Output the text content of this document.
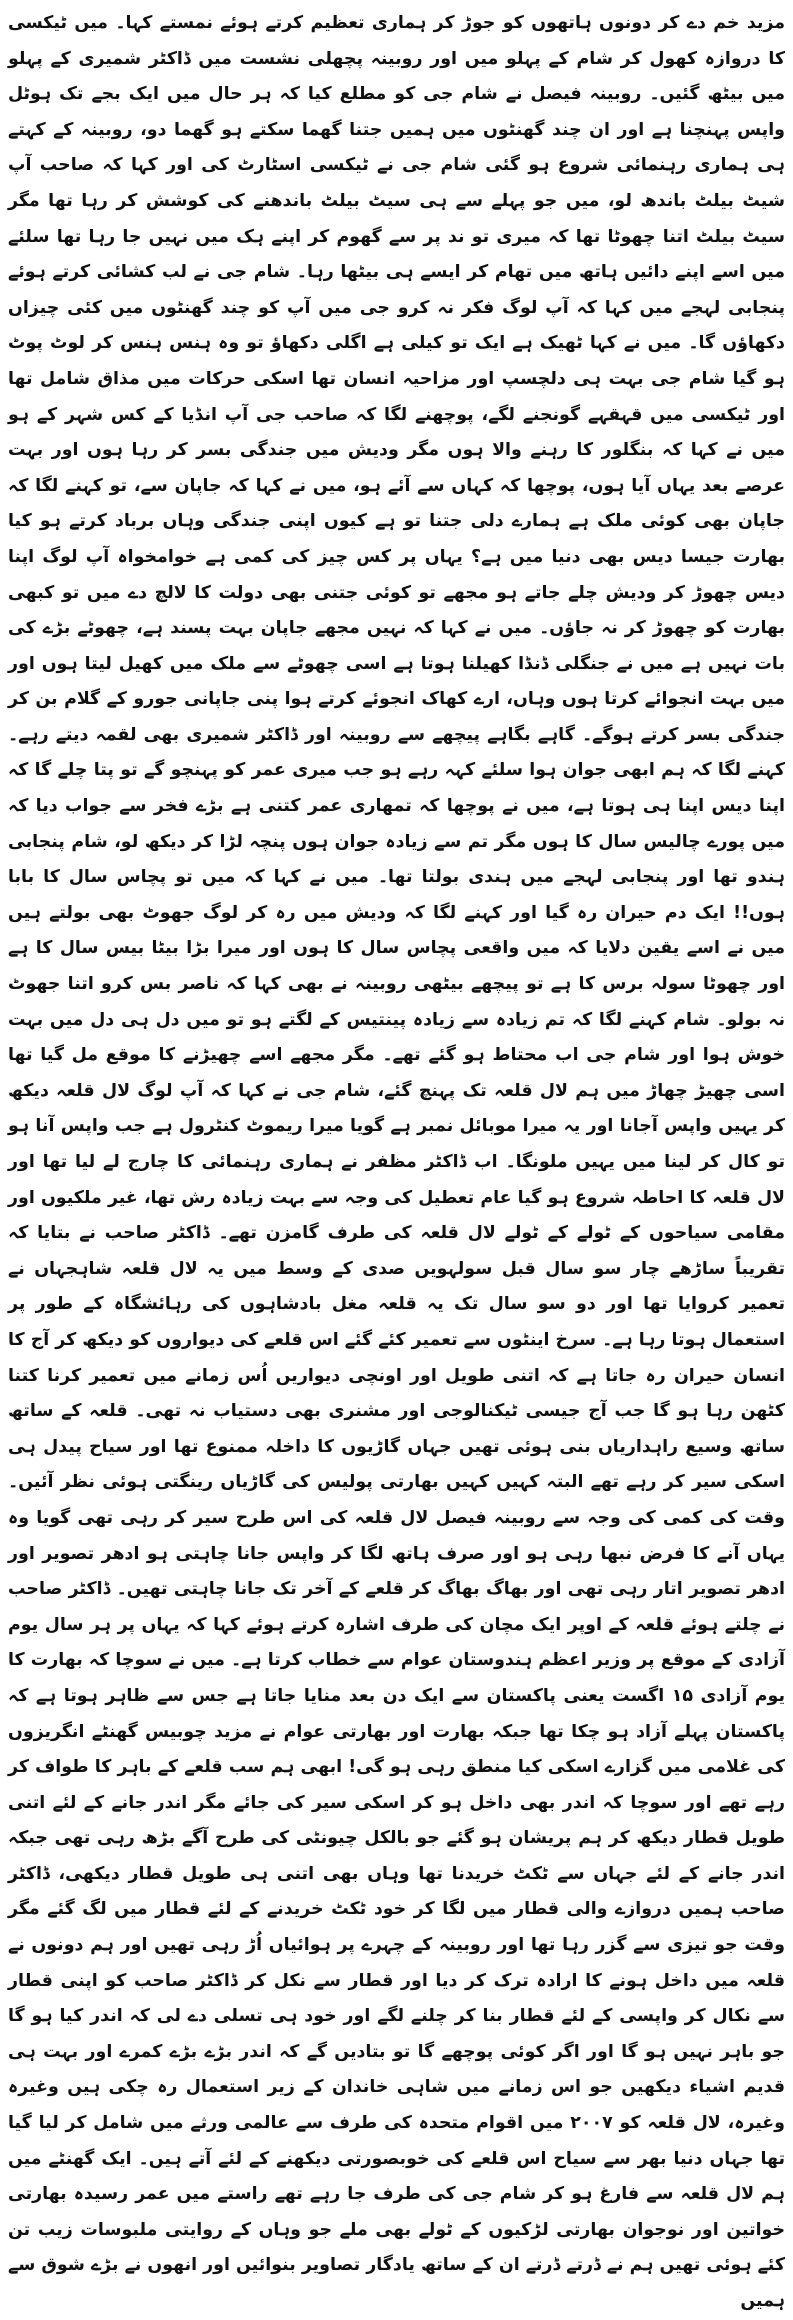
مزید خم دے کر دونوں ہاتھوں کو جوڑ کر ہماری تعظیم کرتے ہوئے نمستے کہا۔ میں ٹیکسی کا دروازہ کھول کر شام کے پہلو میں اور روبینہ پچھلی نشست میں ڈاکٹر شمیری کے پہلو میں بیٹھ گئیں۔ روبینہ فیصل نے شام جی کو مطلع کیا کہ ہر حال میں ایک بجے تک ہوٹل واپس پہنچنا ہے اور ان چند گھنٹوں میں ہمیں جتنا گھما سکتے ہو گھما دو، روبینہ کے کہتے ہی ہماری رہنمائی شروع ہو گئی شام جی نے ٹیکسی اسٹارٹ کی اور کہا کہ صاحب آپ شیٹ بیلٹ باندھ لو، میں جو پہلے سے ہی سیٹ بیلٹ باندھنے کی کوشش کر رہا تھا مگر سیٹ بیلٹ اتنا چھوٹا تھا کہ میری تو ند پر سے گھوم کر اپنے ہک میں نہیں جا رہا تھا سلئے میں اسے اپنے دائیں ہاتھ میں تھام کر ایسے ہی بیٹھا رہا۔ شام جی نے لب کشائی کرتے ہوئے پنجابی لہجے میں کہا کہ آپ لوگ فکر نہ کرو جی میں آپ کو چند گھنٹوں میں کئی چیزاں دکھاؤں گا۔ میں نے کہا ٹھیک ہے ایک تو کیلی ہے اگلی دکھاؤ تو وہ ہنس ہنس کر لوٹ پوٹ ہو گیا شام جی بہت ہی دلچسپ اور مزاحیہ انسان تھا اسکی حرکات میں مذاق شامل تھا اور ٹیکسی میں قہقہے گونجنے لگے، پوچھنے لگا کہ صاحب جی آپ انڈیا کے کس شہر کے ہو میں نے کہا کہ بنگلور کا رہنے والا ہوں مگر ودیش میں جندگی بسر کر رہا ہوں اور بہت عرصے بعد یہاں آیا ہوں، پوچھا کہ کہاں سے آئے ہو، میں نے کہا کہ جاپان سے، تو کہنے لگا کہ جاپان بھی کوئی ملک ہے ہمارے دلی جتنا تو ہے کیوں اپنی جندگی وہاں برباد کرتے ہو کیا بھارت جیسا دیس بھی دنیا میں ہے؟ یہاں پر کس چیز کی کمی ہے خوامخواہ آپ لوگ اپنا دیس چھوڑ کر ودیش چلے جاتے ہو مجھے تو کوئی جتنی بھی دولت کا لالچ دے میں تو کبھی بھارت کو چھوڑ کر نہ جاؤں۔ میں نے کہا کہ نہیں مجھے جاپان بہت پسند ہے، چھوٹے بڑے کی بات نہیں ہے میں نے جنگلی ڈنڈا کھیلنا ہوتا ہے اسی چھوٹے سے ملک میں کھیل لیتا ہوں اور میں بہت انجوائے کرتا ہوں وہاں، ارے کھاک انجوئے کرتے ہوا پنی جاپانی جورو کے گلام بن کر جندگی بسر کرتے ہوگے۔ گاہے بگاہے پیچھے سے روبینہ اور ڈاکٹر شمیری بھی لقمہ دیتے رہے۔ کہنے لگا کہ ہم ابھی جوان ہوا سلئے کہہ رہے ہو جب میری عمر کو پہنچو گے تو پتا چلے گا کہ اپنا دیس اپنا ہی ہوتا ہے، میں نے پوچھا کہ تمھاری عمر کتنی ہے بڑے فخر سے جواب دیا کہ میں پورے چالیس سال کا ہوں مگر تم سے زیادہ جوان ہوں پنچہ لڑا کر دیکھ لو، شام پنجابی ہندو تھا اور پنجابی لہجے میں ہندی بولتا تھا۔ میں نے کہا کہ میں تو پچاس سال کا بابا ہوں!! ایک دم حیران رہ گیا اور کہنے لگا کہ ودیش میں رہ کر لوگ جھوٹ بھی بولتے ہیں میں نے اسے یقین دلایا کہ میں واقعی پچاس سال کا ہوں اور میرا بڑا بیٹا بیس سال کا ہے اور چھوٹا سولہ برس کا ہے تو پیچھے بیٹھی روبینہ نے بھی کہا کہ ناصر بس کرو اتنا جھوٹ نہ بولو۔ شام کہنے لگا کہ تم زیادہ سے زیادہ پینتیس کے لگتے ہو تو میں دل ہی دل میں بہت خوش ہوا اور شام جی اب محتاط ہو گئے تھے۔ مگر مجھے اسے چھیڑنے کا موقع مل گیا تھا اسی چھیڑ چھاڑ میں ہم لال قلعہ تک پہنچ گئے، شام جی نے کہا کہ آپ لوگ لال قلعہ دیکھ کر یہیں واپس آجانا اور یہ میرا موبائل نمبر ہے گویا میرا ریموٹ کنٹرول ہے جب واپس آنا ہو تو کال کر لینا میں یہیں ملونگا۔ اب ڈاکٹر مظفر نے ہماری رہنمائی کا چارج لے لیا تھا اور لال قلعہ کا احاطہ شروع ہو گیا عام تعطیل کی وجہ سے بہت زیادہ رش تھا، غیر ملکیوں اور مقامی سیاحوں کے ٹولے کے ٹولے لال قلعہ کی طرف گامزن تھے۔ ڈاکٹر صاحب نے بتایا کہ تقریباً ساڑھے چار سو سال قبل سولہویں صدی کے وسط میں یہ لال قلعہ شاہجہاں نے تعمیر کروایا تھا اور دو سو سال تک یہ قلعہ مغل بادشاہوں کی رہائشگاہ کے طور پر استعمال ہوتا رہا ہے۔ سرخ اینٹوں سے تعمیر کئے گئے اس قلعے کی دیواروں کو دیکھ کر آج کا انسان حیران رہ جاتا ہے کہ اتنی طویل اور اونچی دیواریں اُس زمانے میں تعمیر کرنا کتنا کٹھن رہا ہو گا جب آج جیسی ٹیکنالوجی اور مشنری بھی دستیاب نہ تھی۔ قلعہ کے ساتھ ساتھ وسیع راہداریاں بنی ہوئی تھیں جہاں گاڑیوں کا داخلہ ممنوع تھا اور سیاح پیدل ہی اسکی سیر کر رہے تھے البتہ کہیں کہیں بھارتی پولیس کی گاڑیاں رینگتی ہوئی نظر آئیں۔ وقت کی کمی کی وجہ سے روبینہ فیصل لال قلعہ کی اس طرح سیر کر رہی تھی گویا وہ یہاں آنے کا فرض نبھا رہی ہو اور صرف ہاتھ لگا کر واپس جانا چاہتی ہو ادھر تصویر اور ادھر تصویر اتار رہی تھی اور بھاگ بھاگ کر قلعے کے آخر تک جانا چاہتی تھیں۔ ڈاکٹر صاحب نے چلتے ہوئے قلعہ کے اوپر ایک مچان کی طرف اشارہ کرتے ہوئے کہا کہ یہاں پر ہر سال یوم آزادی کے موقع پر وزیر اعظم ہندوستان عوام سے خطاب کرتا ہے۔ میں نے سوچا کہ بھارت کا یوم آزادی ۱۵ اگست یعنی پاکستان سے ایک دن بعد منایا جاتا ہے جس سے ظاہر ہوتا ہے کہ پاکستان پہلے آزاد ہو چکا تھا جبکہ بھارت اور بھارتی عوام نے مزید چوبیس گھنٹے انگریزوں کی غلامی میں گزارے اسکی کیا منطق رہی ہو گی! ابھی ہم سب قلعے کے باہر کا طواف کر رہے تھے اور سوچا کہ اندر بھی داخل ہو کر اسکی سیر کی جائے مگر اندر جانے کے لئے اتنی طویل قطار دیکھ کر ہم پریشان ہو گئے جو بالکل چیونٹی کی طرح آگے بڑھ رہی تھی جبکہ اندر جانے کے لئے جہاں سے ٹکٹ خریدنا تھا وہاں بھی اتنی ہی طویل قطار دیکھی، ڈاکٹر صاحب ہمیں دروازے والی قطار میں لگا کر خود ٹکٹ خریدنے کے لئے قطار میں لگ گئے مگر وقت جو تیزی سے گزر رہا تھا اور روبینہ کے چہرے پر ہوائیاں اُڑ رہی تھیں اور ہم دونوں نے قلعہ میں داخل ہونے کا ارادہ ترک کر دیا اور قطار سے نکل کر ڈاکٹر صاحب کو اپنی قطار سے نکال کر واپسی کے لئے قطار بنا کر چلنے لگے اور خود ہی تسلی دے لی کہ اندر کیا ہو گا جو باہر نہیں ہو گا اور اگر کوئی پوچھے گا تو بتادیں گے کہ اندر بڑے بڑے کمرے اور بہت ہی قدیم اشیاء دیکھیں جو اس زمانے میں شاہی خاندان کے زیر استعمال رہ چکی ہیں وغیرہ وغیرہ، لال قلعہ کو ۲۰۰۷ میں اقوام متحدہ کی طرف سے عالمی ورثے میں شامل کر لیا گیا تھا جہاں دنیا بھر سے سیاح اس قلعے کی خوبصورتی دیکھنے کے لئے آتے ہیں۔ ایک گھنٹے میں ہم لال قلعہ سے فارغ ہو کر شام جی کی طرف جا رہے تھے راستے میں عمر رسیدہ بھارتی خواتین اور نوجوان بھارتی لڑکیوں کے ٹولے بھی ملے جو وہاں کے روایتی ملبوسات زیب تن کئے ہوئی تھیں ہم نے ڈرتے ڈرتے ان کے ساتھ یادگار تصاویر بنوائیں اور انھوں نے بڑے شوق سے ہمیں
